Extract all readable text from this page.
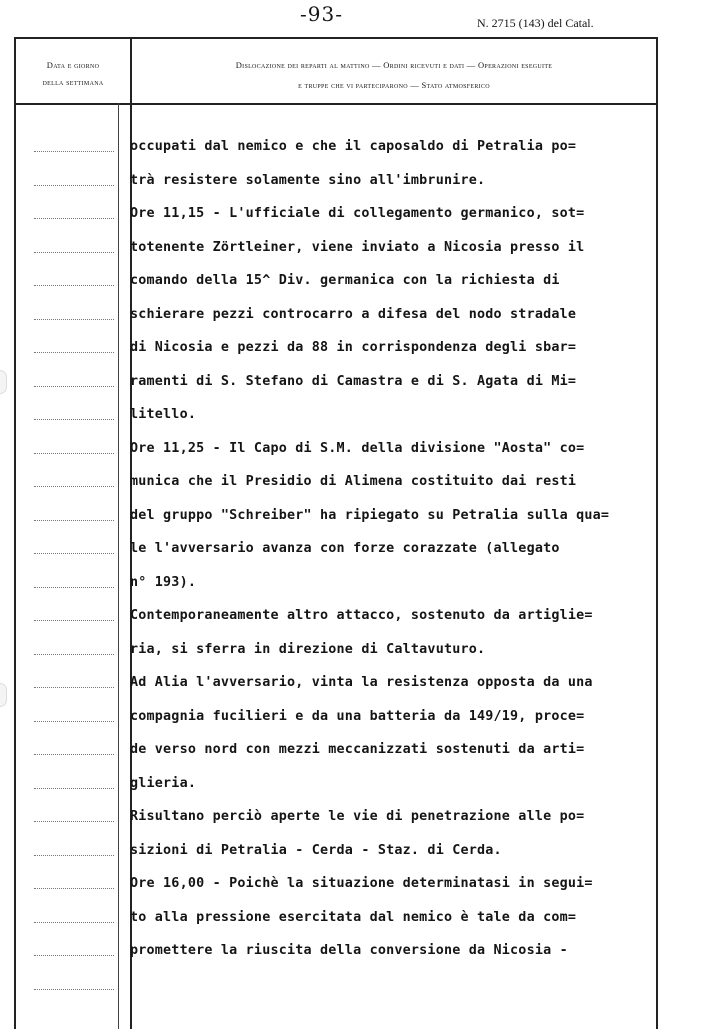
-93-	N. 2715 (143) del Catal.
Data e giorno
della settimana
Dislocazione dei reparti al mattino — Ordini ricevuti e dati — Operazioni eseguite
e truppe che vi parteciparono — Stato atmosferico
occupati dal nemico e che il caposaldo di Petralia po=
trà resistere solamente sino all'imbrunire.
Ore 11,15 - L'ufficiale di collegamento germanico, sot=
totenente Zörtleiner, viene inviato a Nicosia presso il
comando della 15^ Div. germanica con la richiesta di
schierare pezzi controcarro a difesa del nodo stradale
di Nicosia e pezzi da 88 in corrispondenza degli sbar=
ramenti di S. Stefano di Camastra e di S. Agata di Mi=
litello.
Ore 11,25 - Il Capo di S.M. della divisione "Aosta" co=
munica che il Presidio di Alimena costituito dai resti
del gruppo "Schreiber" ha ripiegato su Petralia sulla qua=
le l'avversario avanza con forze corazzate (allegato
n° 193).
Contemporaneamente altro attacco, sostenuto da artiglie=
ria, si sferra in direzione di Caltavuturo.
Ad Alia l'avversario, vinta la resistenza opposta da una
compagnia fucilieri e da una batteria da 149/19, proce=
de verso nord con mezzi meccanizzati sostenuti da arti=
glieria.
Risultano perciò aperte le vie di penetrazione alle po=
sizioni di Petralia - Cerda - Staz. di Cerda.
Ore 16,00 - Poichè la situazione determinatasi in segui=
to alla pressione esercitata dal nemico è tale da com=
promettere la riuscita della conversione da Nicosia -
